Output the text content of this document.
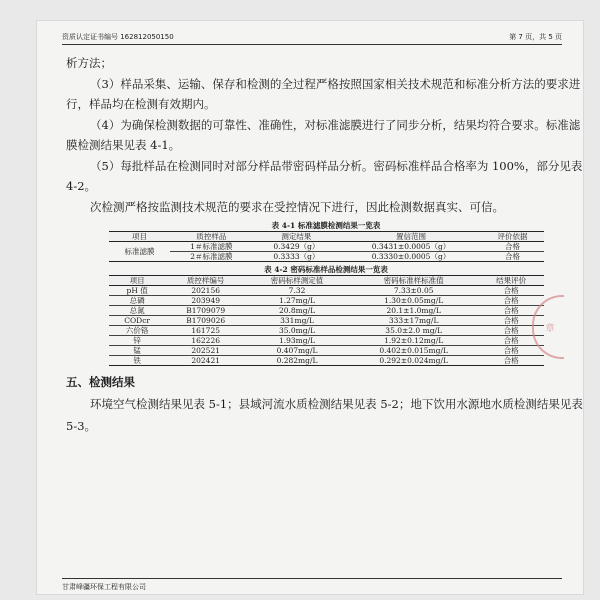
资质认定证书编号 162812050150	第 7 页，共 5 页

析方法；

（3）样品采集、运输、保存和检测的全过程严格按照国家相关技术规范和标准分析方法的要求进行，样品均在检测有效期内。

（4）为确保检测数据的可靠性、准确性，对标准滤膜进行了同步分析，结果均符合要求。标准滤膜检测结果见表 4-1。

（5）每批样品在检测同时对部分样品带密码样品分析。密码标准样品合格率为 100%，部分见表 4-2。

次检测严格按监测技术规范的要求在受控情况下进行，因此检测数据真实、可信。

表 4-1 标准滤膜检测结果一览表
项目	质控样品	测定结果	置信范围	评价依据
标准滤膜	1＃标准滤膜	0.3429（g）	0.3431±0.0005（g）	合格
	2＃标准滤膜	0.3333（g）	0.3330±0.0005（g）	合格
表 4-2 密码标准样品检测结果一览表
项目	质控样编号	密码标样测定值	密码标准样标准值	结果评价
pH 值	202156	7.32	7.33±0.05	合格
总磷	203949	1.27mg/L	1.30±0.05mg/L	合格
总氮	B1709079	20.8mg/L	20.1±1.0mg/L	合格
CODcr	B1709026	331mg/L	333±17mg/L	合格
六价铬	161725	35.0mg/L	35.0±2.0 mg/L	合格
锌	162226	1.93mg/L	1.92±0.12mg/L	合格
锰	202521	0.407mg/L	0.402±0.015mg/L	合格
铁	202421	0.282mg/L	0.292±0.024mg/L	合格

五、检测结果

环境空气检测结果见表 5-1；县域河流水质检测结果见表 5-2；地下饮用水源地水质检测结果见表 5-3。

甘肃峰疆环保工程有限公司
章
